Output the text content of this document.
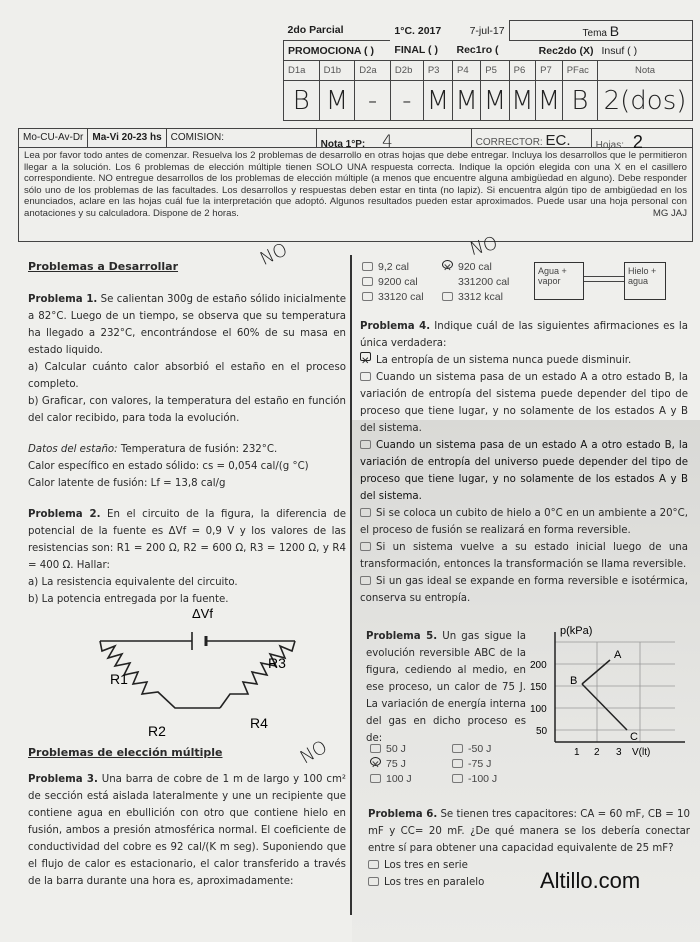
2do Parcial			1°C. 2017		7-jul-17		Tema B			
PROMOCIONA ( )			FINAL ( )		Rec1ro (		Rec2do (X)			Insuf ( )
D1a	D1b	D2a	D2b	P3	P4	P5	P6	P7	PFac	Nota
B	M	-	-	M	M	M	M	M	B	2(dos)
Mo-CU-Av-Dr Ma-Vi 20-23 hs COMISION:
Nota 1°P: 4	CORRECTOR: EC.	Hojas: 2
Lea por favor todo antes de comenzar. Resuelva los 2 problemas de desarrollo en otras hojas que debe entregar. Incluya los desarrollos que le permitieron llegar a la solución. Los 6 problemas de elección múltiple tienen SOLO UNA respuesta correcta. Indique la opción elegida con una X en el casillero correspondiente. NO entregue desarrollos de los problemas de elección múltiple (a menos que encuentre alguna ambigüedad en alguno). Debe responder sólo uno de los problemas de las facultades. Los desarrollos y respuestas deben estar en tinta (no lapiz). Si encuentra algún tipo de ambigüedad en los enunciados, aclare en las hojas cuál fue la interpretación que adoptó. Algunos resultados pueden estar aproximados. Puede usar una hoja personal con anotaciones y su calculadora. Dispone de 2 horas.	MG JAJ
Problemas a Desarrollar

Problema 1. Se calientan 300g de estaño sólido inicialmente a 82°C. Luego de un tiempo, se observa que su temperatura ha llegado a 232°C, encontrándose el 60% de su masa en estado liquido.

a) Calcular cuánto calor absorbió el estaño en el proceso completo.

b) Graficar, con valores, la temperatura del estaño en función del calor recibido, para toda la evolución.

Datos del estaño: Temperatura de fusión: 232°C.

Calor específico en estado sólido: cs = 0,054 cal/(g °C)

Calor latente de fusión: Lf = 13,8 cal/g

Problema 2. En el circuito de la figura, la diferencia de potencial de la fuente es ΔVf = 0,9 V y los valores de las resistencias son: R1 = 200 Ω, R2 = 600 Ω, R3 = 1200 Ω, y R4 = 400 Ω. Hallar:

a) La resistencia equivalente del circuito.

b) La potencia entregada por la fuente.

ΔVf
R1
R2
R3
R4
Problemas de elección múltiple

Problema 3. Una barra de cobre de 1 m de largo y 100 cm² de sección está aislada lateralmente y une un recipiente que contiene agua en ebullición con otro que contiene hielo en fusión, ambos a presión atmosférica normal. El coeficiente de conductividad del cobre es 92 cal/(K m seg). Suponiendo que el flujo de calor es estacionario, el calor transferido a través de la barra durante una hora es, aproximadamente:

9,2 cal	✕ 920 cal
9200 cal	331200 cal
33120 cal	3312 kcal
Agua + vapor
Hielo + agua

Problema 4. Indique cuál de las siguientes afirmaciones es la única verdadera:

✕ La entropía de un sistema nunca puede disminuir.

Cuando un sistema pasa de un estado A a otro estado B, la variación de entropía del sistema puede depender del tipo de proceso que tiene lugar, y no solamente de los estados A y B del sistema.

Cuando un sistema pasa de un estado A a otro estado B, la variación de entropía del universo puede depender del tipo de proceso que tiene lugar, y no solamente de los estados A y B del sistema.

Si se coloca un cubito de hielo a 0°C en un ambiente a 20°C, el proceso de fusión se realizará en forma reversible.

Si un sistema vuelve a su estado inicial luego de una transformación, entonces la transformación se llama reversible.

Si un gas ideal se expande en forma reversible e isotérmica, conserva su entropía.

Problema 5. Un gas sigue la evolución reversible ABC de la figura, cediendo al medio, en ese proceso, un calor de 75 J. La variación de energía interna del gas en dicho proceso es de:

50 J	-50 J
✕ 75 J	-75 J
100 J	-100 J
p(kPa)
200
150
100
50
1 2 3 V(lt)
A
B
C

Problema 6. Se tienen tres capacitores: CA = 60 mF, CB = 10 mF y CC= 20 mF. ¿De qué manera se los debería conectar entre sí para obtener una capacidad equivalente de 25 mF?

Los tres en serie

Los tres en paralelo

NO
NO
NO
Altillo.com
